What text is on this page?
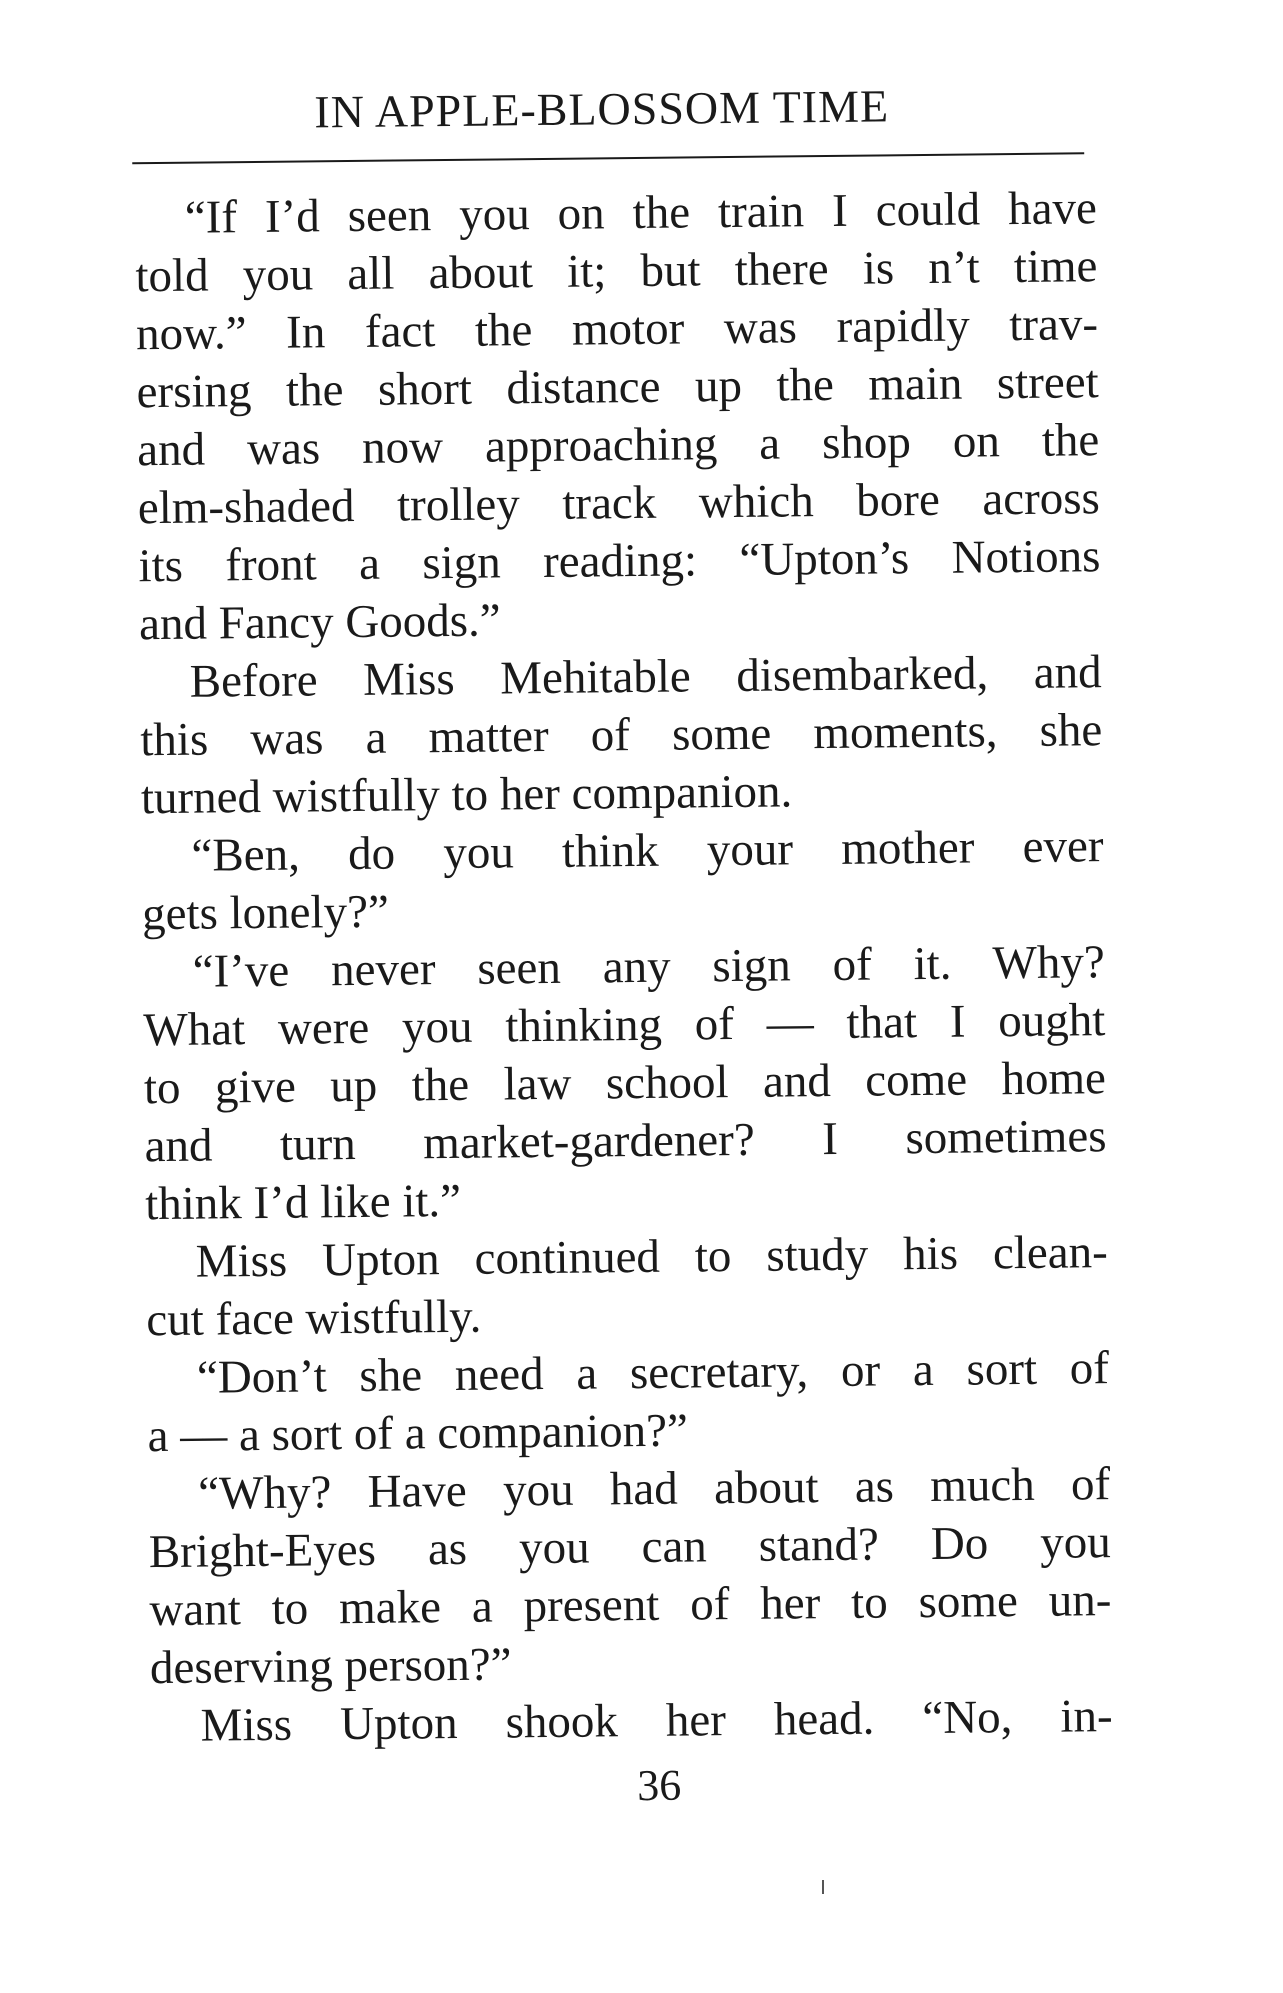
IN APPLE-BLOSSOM TIME
“If I’d seen you on the train I could have
told you all about it; but there is n’t time
now.” In fact the motor was rapidly trav-
ersing the short distance up the main street
and was now approaching a shop on the
elm-shaded trolley track which bore across
its front a sign reading: “Upton’s Notions
and Fancy Goods.”
Before Miss Mehitable disembarked, and
this was a matter of some moments, she
turned wistfully to her companion.
“Ben, do you think your mother ever
gets lonely?”
“I’ve never seen any sign of it. Why?
What were you thinking of — that I ought
to give up the law school and come home
and turn market-gardener? I sometimes
think I’d like it.”
Miss Upton continued to study his clean-
cut face wistfully.
“Don’t she need a secretary, or a sort of
a — a sort of a companion?”
“Why? Have you had about as much of
Bright-Eyes as you can stand? Do you
want to make a present of her to some un-
deserving person?”
Miss Upton shook her head. “No, in-
36
